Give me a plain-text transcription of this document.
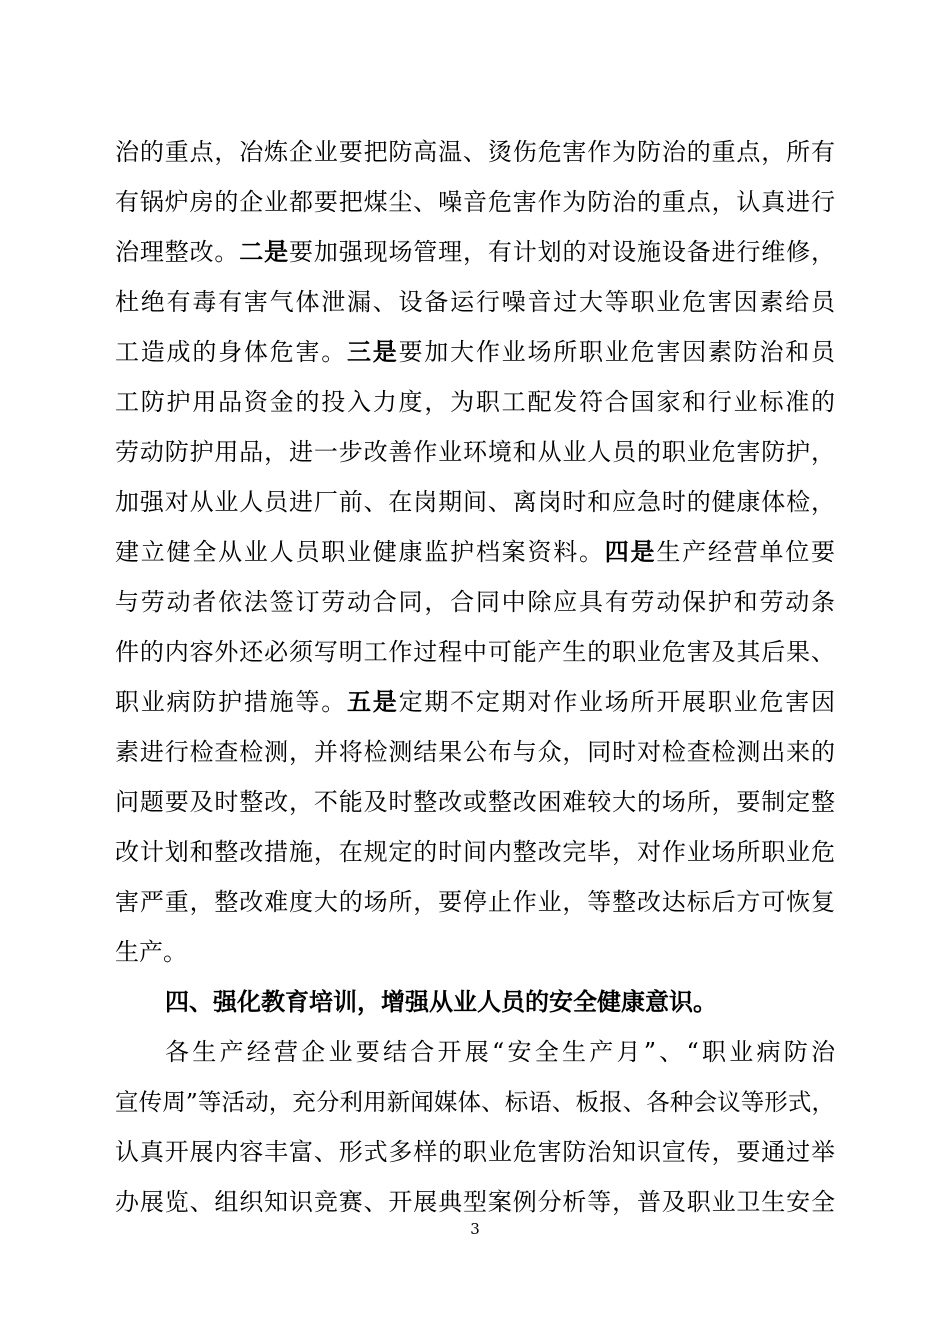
治的重点，冶炼企业要把防高温、烫伤危害作为防治的重点，所有
有锅炉房的企业都要把煤尘、噪音危害作为防治的重点，认真进行
治理整改。二是要加强现场管理，有计划的对设施设备进行维修，
杜绝有毒有害气体泄漏、设备运行噪音过大等职业危害因素给员
工造成的身体危害。三是要加大作业场所职业危害因素防治和员
工防护用品资金的投入力度，为职工配发符合国家和行业标准的
劳动防护用品，进一步改善作业环境和从业人员的职业危害防护，
加强对从业人员进厂前、在岗期间、离岗时和应急时的健康体检，
建立健全从业人员职业健康监护档案资料。四是生产经营单位要
与劳动者依法签订劳动合同，合同中除应具有劳动保护和劳动条
件的内容外还必须写明工作过程中可能产生的职业危害及其后果、
职业病防护措施等。五是定期不定期对作业场所开展职业危害因
素进行检查检测，并将检测结果公布与众，同时对检查检测出来的
问题要及时整改，不能及时整改或整改困难较大的场所，要制定整
改计划和整改措施，在规定的时间内整改完毕，对作业场所职业危
害严重，整改难度大的场所，要停止作业，等整改达标后方可恢复
生产。
四、强化教育培训，增强从业人员的安全健康意识。
各生产经营企业要结合开展“安全生产月”、“职业病防治
宣传周”等活动，充分利用新闻媒体、标语、板报、各种会议等形式，
认真开展内容丰富、形式多样的职业危害防治知识宣传，要通过举
办展览、组织知识竞赛、开展典型案例分析等，普及职业卫生安全
3
